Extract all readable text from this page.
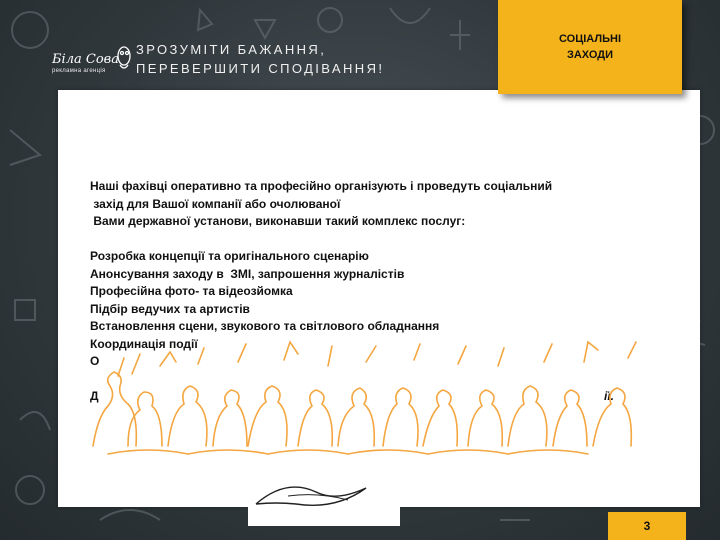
Біла Сова
рекламна агенція
ЗРОЗУМІТИ БАЖАННЯ,
ПЕРЕВЕРШИТИ СПОДІВАННЯ!
СОЦІАЛЬНІ
ЗАХОДИ

Наші фахівці оперативно та професійно організують і проведуть соціальний

захід для Вашої компанії або очолюваної

Вами державної установи, виконавши такий комплекс послуг:

Розробка концепції та оригінального сценарію

Анонсування заходу в  ЗМІ, запрошення журналістів

Професійна фото- та відеозйомка

Підбір ведучих та артистів

Встановлення сцени, звукового та світлового обладнання

Координація події

О

Д	ії.

3
